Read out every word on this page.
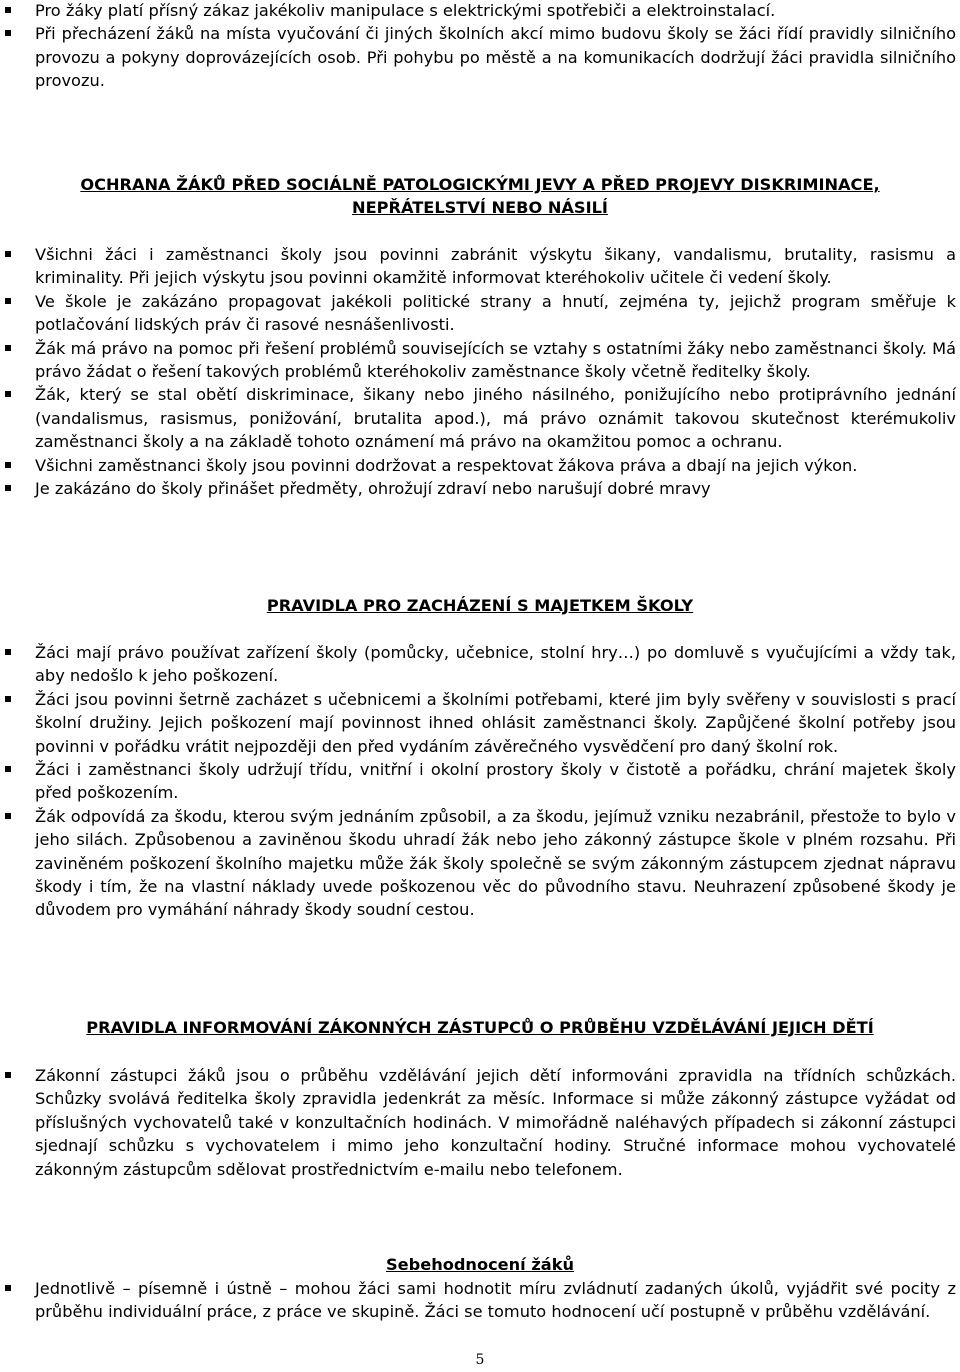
Pro žáky platí přísný zákaz jakékoliv manipulace s elektrickými spotřebiči a elektroinstalací.
Při přecházení žáků na místa vyučování či jiných školních akcí mimo budovu školy se žáci řídí pravidly silničního provozu a pokyny doprovázejících osob. Při pohybu po městě a na komunikacích dodržují žáci pravidla silničního provozu.

OCHRANA ŽÁKŮ PŘED SOCIÁLNĚ PATOLOGICKÝMI JEVY A PŘED PROJEVY DISKRIMINACE,
NEPŘÁTELSTVÍ NEBO NÁSILÍ

Všichni žáci i zaměstnanci školy jsou povinni zabránit výskytu šikany, vandalismu, brutality, rasismu a kriminality. Při jejich výskytu jsou povinni okamžitě informovat kteréhokoliv učitele či vedení školy.
Ve škole je zakázáno propagovat jakékoli politické strany a hnutí, zejména ty, jejichž program směřuje k potlačování lidských práv či rasové nesnášenlivosti.
Žák má právo na pomoc při řešení problémů souvisejících se vztahy s ostatními žáky nebo zaměstnanci školy. Má právo žádat o řešení takových problémů kteréhokoliv zaměstnance školy včetně ředitelky školy.
Žák, který se stal obětí diskriminace, šikany nebo jiného násilného, ponižujícího nebo protiprávního jednání (vandalismus, rasismus, ponižování, brutalita apod.), má právo oznámit takovou skutečnost kterémukoliv zaměstnanci školy a na základě tohoto oznámení má právo na okamžitou pomoc a ochranu.
Všichni zaměstnanci školy jsou povinni dodržovat a respektovat žákova práva a dbají na jejich výkon.
Je zakázáno do školy přinášet předměty, ohrožují zdraví nebo narušují dobré mravy

PRAVIDLA PRO ZACHÁZENÍ S MAJETKEM ŠKOLY

Žáci mají právo používat zařízení školy (pomůcky, učebnice, stolní hry…) po domluvě s vyučujícími a vždy tak, aby nedošlo k jeho poškození.
Žáci jsou povinni šetrně zacházet s učebnicemi a školními potřebami, které jim byly svěřeny v souvislosti s prací školní družiny. Jejich poškození mají povinnost ihned ohlásit zaměstnanci školy. Zapůjčené školní potřeby jsou povinni v pořádku vrátit nejpozději den před vydáním závěrečného vysvědčení pro daný školní rok.
Žáci i zaměstnanci školy udržují třídu, vnitřní i okolní prostory školy v čistotě a pořádku, chrání majetek školy před poškozením.
Žák odpovídá za škodu, kterou svým jednáním způsobil, a za škodu, jejímuž vzniku nezabránil, přestože to bylo v jeho silách. Způsobenou a zaviněnou škodu uhradí žák nebo jeho zákonný zástupce škole v plném rozsahu. Při zaviněném poškození školního majetku může žák školy společně se svým zákonným zástupcem zjednat nápravu škody i tím, že na vlastní náklady uvede poškozenou věc do původního stavu. Neuhrazení způsobené škody je důvodem pro vymáhání náhrady škody soudní cestou.

PRAVIDLA INFORMOVÁNÍ ZÁKONNÝCH ZÁSTUPCŮ O PRŮBĚHU VZDĚLÁVÁNÍ JEJICH DĚTÍ

Zákonní zástupci žáků jsou o průběhu vzdělávání jejich dětí informováni zpravidla na třídních schůzkách. Schůzky svolává ředitelka školy zpravidla jedenkrát za měsíc. Informace si může zákonný zástupce vyžádat od příslušných vychovatelů také v konzultačních hodinách. V mimořádně naléhavých případech si zákonní zástupci sjednají schůzku s vychovatelem i mimo jeho konzultační hodiny. Stručné informace mohou vychovatelé zákonným zástupcům sdělovat prostřednictvím e-mailu nebo telefonem.

Sebehodnocení žáků

Jednotlivě – písemně i ústně – mohou žáci sami hodnotit míru zvládnutí zadaných úkolů, vyjádřit své pocity z průběhu individuální práce, z práce ve skupině. Žáci se tomuto hodnocení učí postupně v průběhu vzdělávání.
5
